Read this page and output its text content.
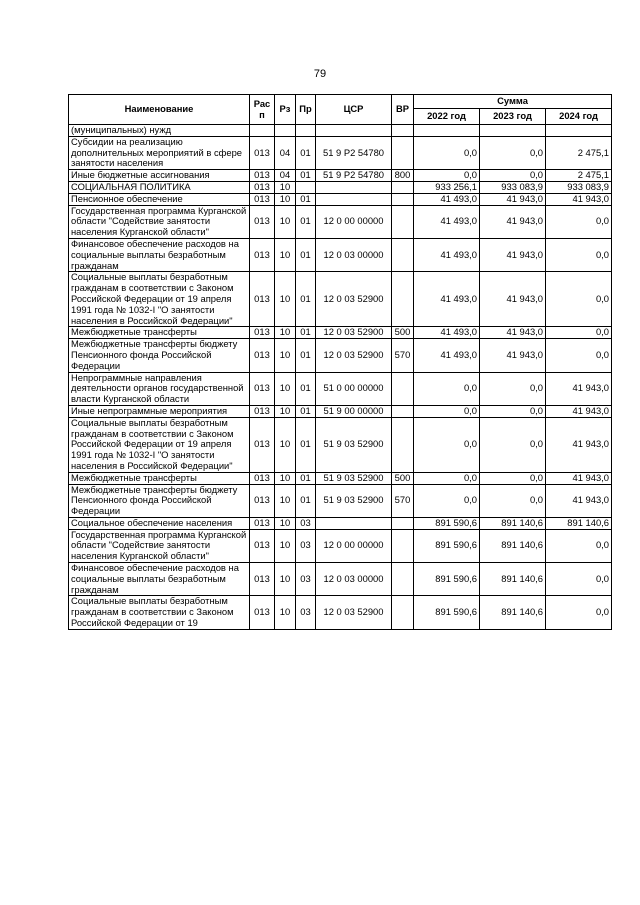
79
Наименование	Рас п	Рз	Пр	ЦСР	ВР	Сумма		
						2022 год	2023 год	2024 год
(муниципальных) нужд								
Субсидии на реализацию дополнительных мероприятий в сфере занятости населения	013	04	01	51 9 P2 54780		0,0	0,0	2 475,1
Иные бюджетные ассигнования	013	04	01	51 9 P2 54780	800	0,0	0,0	2 475,1
СОЦИАЛЬНАЯ ПОЛИТИКА	013	10				933 256,1	933 083,9	933 083,9
Пенсионное обеспечение	013	10	01			41 493,0	41 943,0	41 943,0
Государственная программа Курганской области "Содействие занятости населения Курганской области"	013	10	01	12 0 00 00000		41 493,0	41 943,0	0,0
Финансовое обеспечение расходов на социальные выплаты безработным гражданам	013	10	01	12 0 03 00000		41 493,0	41 943,0	0,0
Социальные выплаты безработным гражданам в соответствии с Законом Российской Федерации от 19 апреля 1991 года № 1032-I "О занятости населения в Российской Федерации"	013	10	01	12 0 03 52900		41 493,0	41 943,0	0,0
Межбюджетные трансферты	013	10	01	12 0 03 52900	500	41 493,0	41 943,0	0,0
Межбюджетные трансферты бюджету Пенсионного фонда Российской Федерации	013	10	01	12 0 03 52900	570	41 493,0	41 943,0	0,0
Непрограммные направления деятельности органов государственной власти Курганской области	013	10	01	51 0 00 00000		0,0	0,0	41 943,0
Иные непрограммные мероприятия	013	10	01	51 9 00 00000		0,0	0,0	41 943,0
Социальные выплаты безработным гражданам в соответствии с Законом Российской Федерации от 19 апреля 1991 года № 1032-I "О занятости населения в Российской Федерации"	013	10	01	51 9 03 52900		0,0	0,0	41 943,0
Межбюджетные трансферты	013	10	01	51 9 03 52900	500	0,0	0,0	41 943,0
Межбюджетные трансферты бюджету Пенсионного фонда Российской Федерации	013	10	01	51 9 03 52900	570	0,0	0,0	41 943,0
Социальное обеспечение населения	013	10	03			891 590,6	891 140,6	891 140,6
Государственная программа Курганской области "Содействие занятости населения Курганской области"	013	10	03	12 0 00 00000		891 590,6	891 140,6	0,0
Финансовое обеспечение расходов на социальные выплаты безработным гражданам	013	10	03	12 0 03 00000		891 590,6	891 140,6	0,0
Социальные выплаты безработным гражданам в соответствии с Законом Российской Федерации от 19	013	10	03	12 0 03 52900		891 590,6	891 140,6	0,0
